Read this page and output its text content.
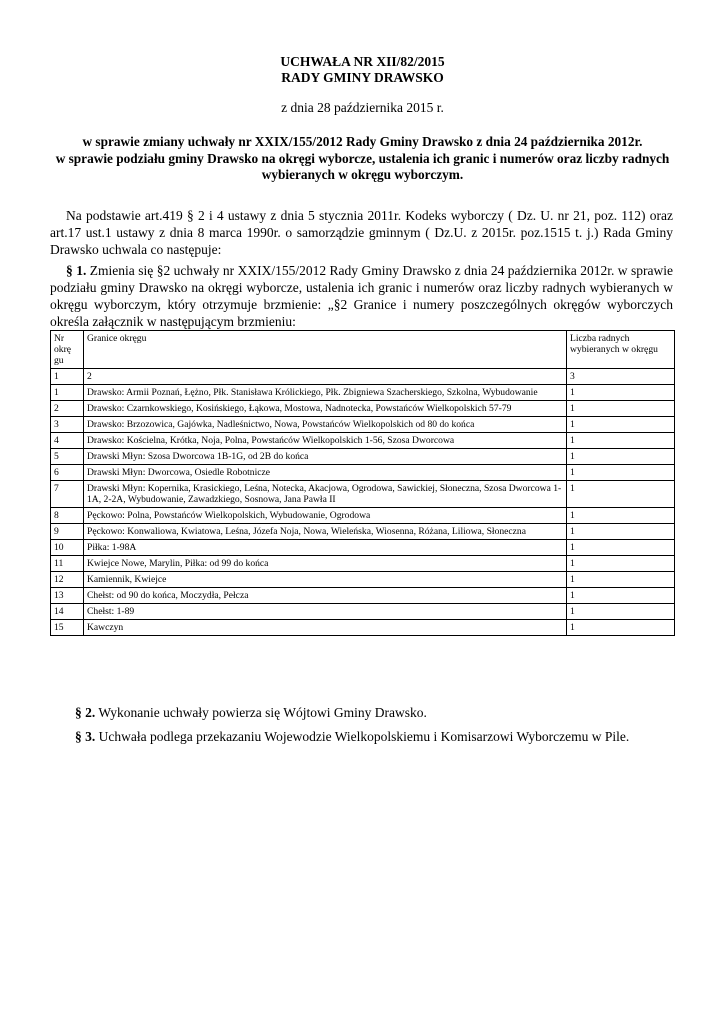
UCHWAŁA NR XII/82/2015
RADY GMINY DRAWSKO
z dnia 28 października 2015 r.
w sprawie zmiany uchwały nr XXIX/155/2012 Rady Gminy Drawsko z dnia 24 października 2012r.
w sprawie podziału gminy Drawsko na okręgi wyborcze, ustalenia ich granic i numerów oraz liczby radnych
wybieranych w okręgu wyborczym.
Na podstawie art.419 § 2 i 4 ustawy z dnia 5 stycznia 2011r. Kodeks wyborczy ( Dz. U. nr 21, poz. 112) oraz art.17 ust.1 ustawy z dnia 8 marca 1990r. o samorządzie gminnym ( Dz.U. z 2015r. poz.1515 t. j.) Rada Gminy Drawsko uchwala co następuje:
§ 1. Zmienia się §2 uchwały nr XXIX/155/2012 Rady Gminy Drawsko z dnia 24 października 2012r. w sprawie podziału gminy Drawsko na okręgi wyborcze, ustalenia ich granic i numerów oraz liczby radnych wybieranych w okręgu wyborczym, który otrzymuje brzmienie: „§2 Granice i numery poszczególnych okręgów wyborczych określa załącznik w następującym brzmieniu:
Nr okrę gu	Granice okręgu	Liczba radnych wybieranych w okręgu
1	2	3
1	Drawsko: Armii Poznań, Łężno, Płk. Stanisława Królickiego, Płk. Zbigniewa Szacherskiego, Szkolna, Wybudowanie	1
2	Drawsko: Czarnkowskiego, Kosińskiego, Łąkowa, Mostowa, Nadnotecka, Powstańców Wielkopolskich 57-79	1
3	Drawsko: Brzozowica, Gajówka, Nadleśnictwo, Nowa, Powstańców Wielkopolskich od 80 do końca	1
4	Drawsko: Kościelna, Krótka, Noja, Polna, Powstańców Wielkopolskich 1-56, Szosa Dworcowa	1
5	Drawski Młyn: Szosa Dworcowa 1B-1G, od 2B do końca	1
6	Drawski Młyn: Dworcowa, Osiedle Robotnicze	1
7	Drawski Młyn: Kopernika, Krasickiego, Leśna, Notecka, Akacjowa, Ogrodowa, Sawickiej, Słoneczna, Szosa Dworcowa 1-1A, 2-2A, Wybudowanie, Zawadzkiego, Sosnowa, Jana Pawła II	1
8	Pęckowo: Polna, Powstańców Wielkopolskich, Wybudowanie, Ogrodowa	1
9	Pęckowo: Konwaliowa, Kwiatowa, Leśna, Józefa Noja, Nowa, Wieleńska, Wiosenna, Różana, Liliowa, Słoneczna	1
10	Piłka: 1-98A	1
11	Kwiejce Nowe, Marylin, Piłka: od 99 do końca	1
12	Kamiennik, Kwiejce	1
13	Chełst: od 90 do końca, Moczydła, Pełcza	1
14	Chełst: 1-89	1
15	Kawczyn	1
§ 2. Wykonanie uchwały powierza się Wójtowi Gminy Drawsko.
§ 3. Uchwała podlega przekazaniu Wojewodzie Wielkopolskiemu i Komisarzowi Wyborczemu w Pile.
